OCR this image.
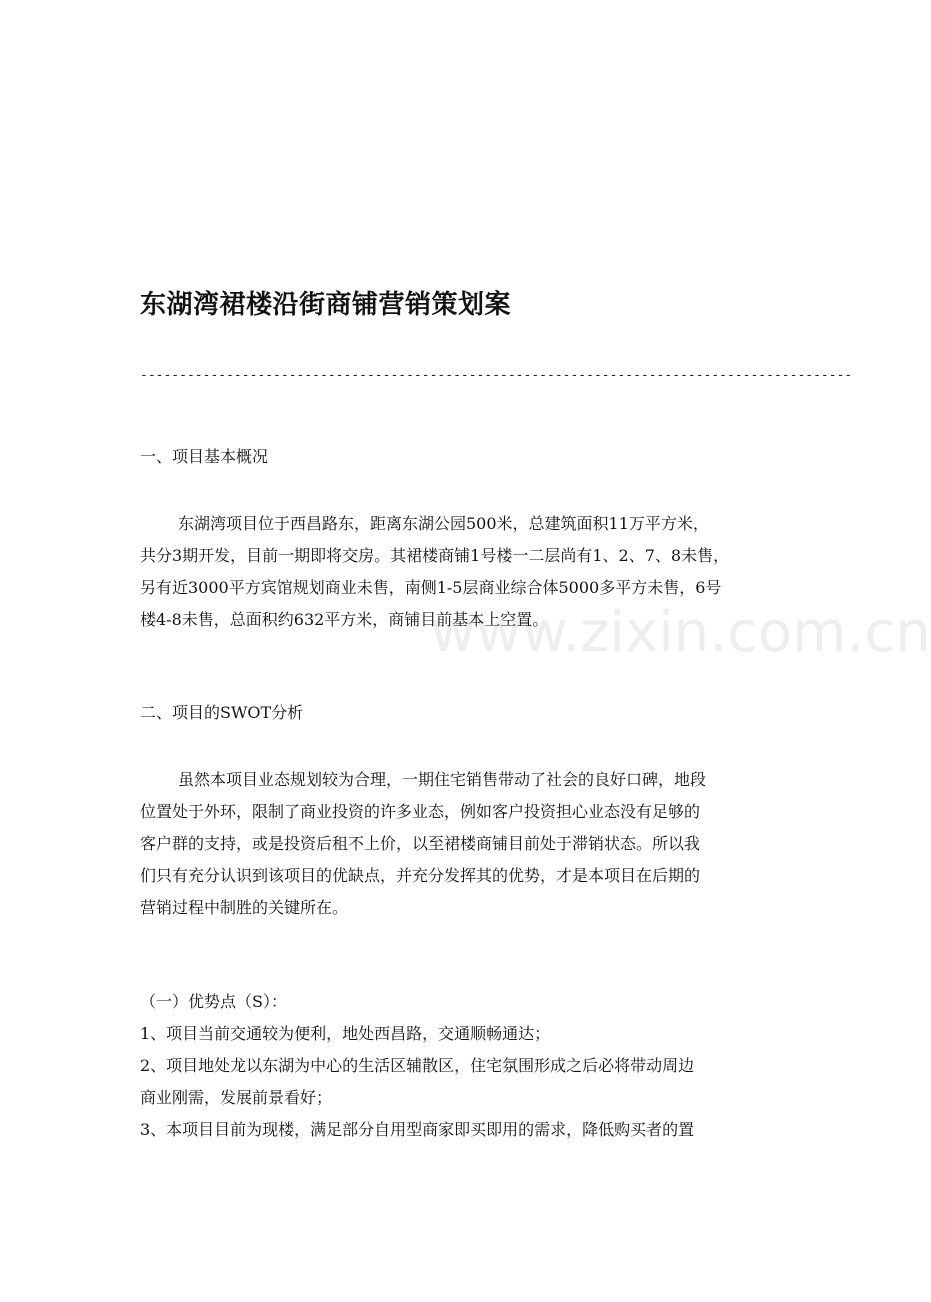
www.zixin.com.cn
东湖湾裙楼沿街商铺营销策划案
-------------------------------------------------------------------------------------------
一、项目基本概况
东湖湾项目位于西昌路东，距离东湖公园500米，总建筑面积11万平方米，
共分3期开发，目前一期即将交房。其裙楼商铺1号楼一二层尚有1、2、7、8未售，
另有近3000平方宾馆规划商业未售，南侧1-5层商业综合体5000多平方未售，6号
楼4-8未售，总面积约632平方米，商铺目前基本上空置。
二、项目的SWOT分析
虽然本项目业态规划较为合理，一期住宅销售带动了社会的良好口碑，地段
位置处于外环，限制了商业投资的许多业态，例如客户投资担心业态没有足够的
客户群的支持，或是投资后租不上价，以至裙楼商铺目前处于滞销状态。所以我
们只有充分认识到该项目的优缺点，并充分发挥其的优势，才是本项目在后期的
营销过程中制胜的关键所在。
（一）优势点（S）：
1、项目当前交通较为便利，地处西昌路，交通顺畅通达；
2、项目地处龙以东湖为中心的生活区辅散区，住宅氛围形成之后必将带动周边
商业刚需，发展前景看好；
3、本项目目前为现楼，满足部分自用型商家即买即用的需求，降低购买者的置
